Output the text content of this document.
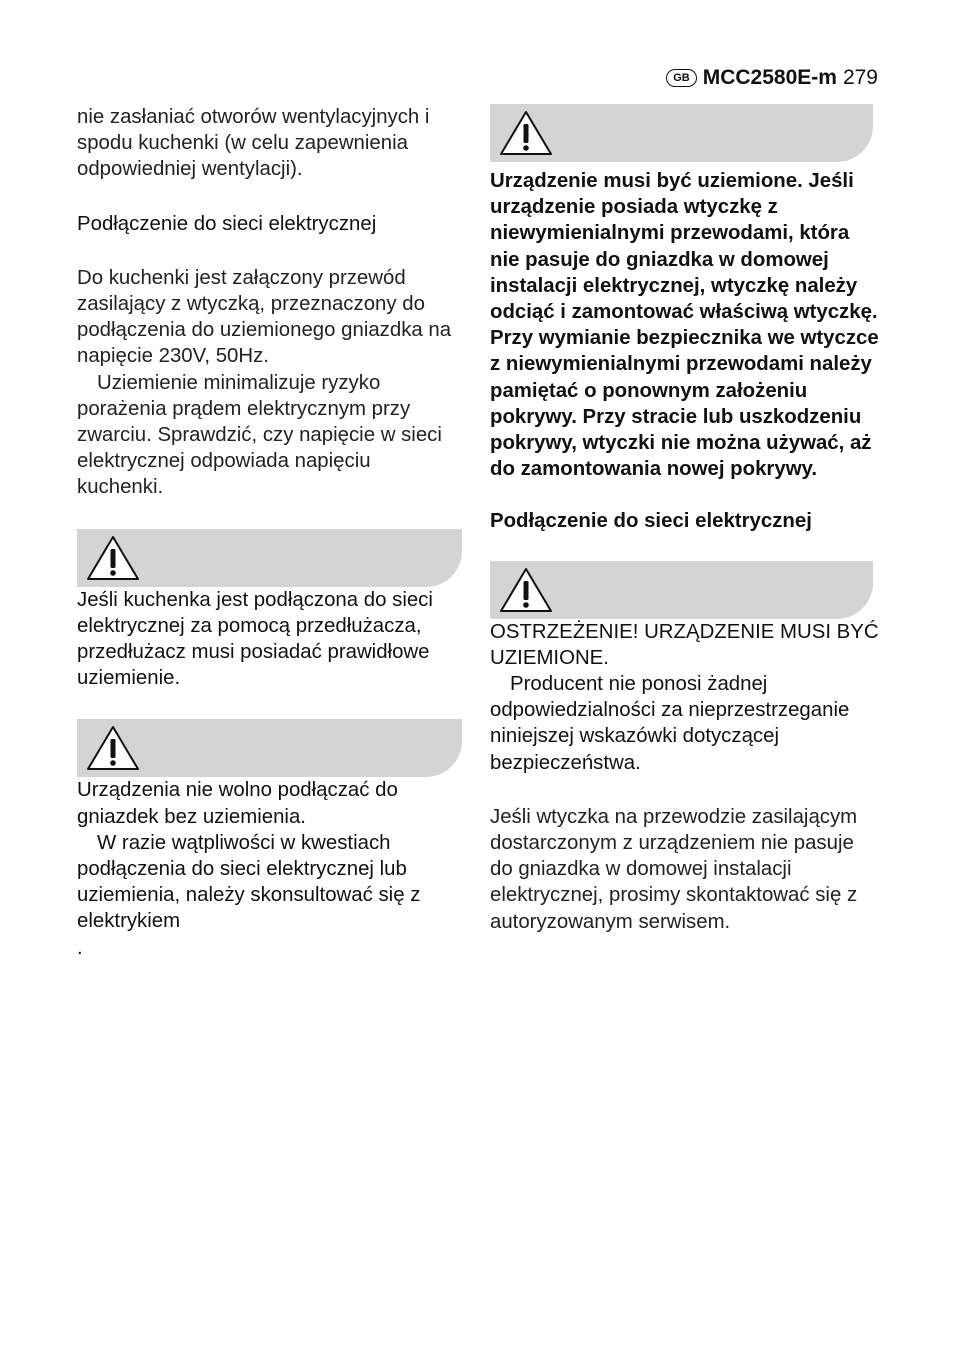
GB MCC2580E-m 279

nie zasłaniać otworów wentylacyjnych i spodu kuchenki (w celu zapewnienia odpowiedniej wentylacji).

Podłączenie do sieci elektrycznej

Do kuchenki jest załączony przewód zasilający z wtyczką, przeznaczony do podłączenia do uziemionego gniazdka na napięcie 230V, 50Hz.

Uziemienie minimalizuje ryzyko porażenia prądem elektrycznym przy zwarciu. Sprawdzić, czy napięcie w sieci elektrycznej odpowiada napięciu kuchenki.

Jeśli kuchenka jest podłączona do sieci elektrycznej za pomocą przedłużacza, przedłużacz musi posiadać prawidłowe uziemienie.

Urządzenia nie wolno podłączać do gniazdek bez uziemienia.

W razie wątpliwości w kwestiach podłączenia do sieci elektrycznej lub uziemienia, należy skonsultować się z elektrykiem

.

Urządzenie musi być uziemione. Jeśli urządzenie posiada wtyczkę z niewymienialnymi przewodami, która nie pasuje do gniazdka w domowej instalacji elektrycznej, wtyczkę należy odciąć i zamontować właściwą wtyczkę. Przy wymianie bezpiecznika we wtyczce z niewymienialnymi przewodami należy pamiętać o ponownym założeniu pokrywy. Przy stracie lub uszkodzeniu pokrywy, wtyczki nie można używać, aż do zamontowania nowej pokrywy.

Podłączenie do sieci elektrycznej

OSTRZEŻENIE! URZĄDZENIE MUSI BYĆ UZIEMIONE.

Producent nie ponosi żadnej odpowiedzialności za nieprzestrzeganie niniejszej wskazówki dotyczącej bezpieczeństwa.

Jeśli wtyczka na przewodzie zasilającym dostarczonym z urządzeniem nie pasuje do gniazdka w domowej instalacji elektrycznej, prosimy skontaktować się z autoryzowanym serwisem.
